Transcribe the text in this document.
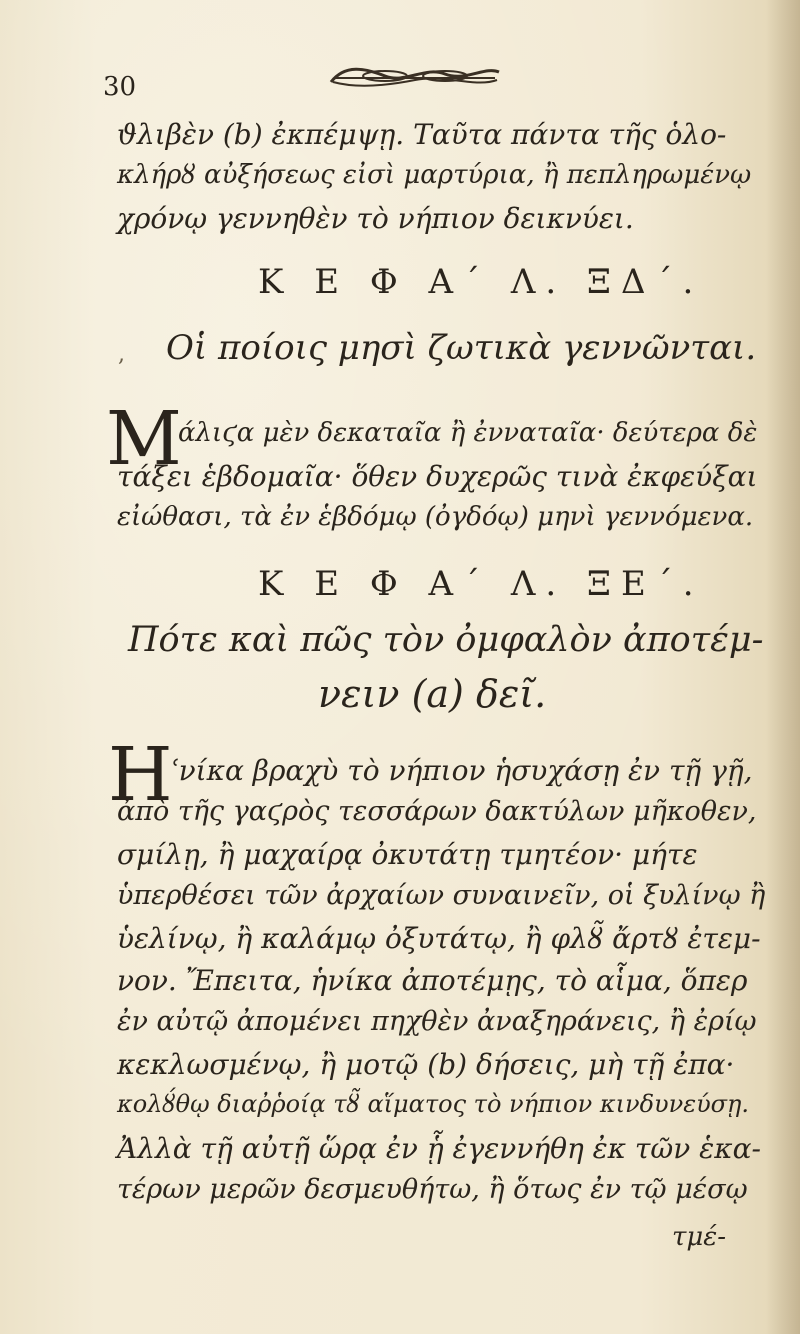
30
ϑλιβὲν (b) ἐκπέμψῃ. Ταῦτα πάντα τῆς ὁλο-
κλήρȣ αὐξήσεως εἰσὶ μαρτύρια, ἢ πεπληρωμένῳ
χρόνῳ γεννηθὲν τὸ νήπιον δεικνύει.
Κ Ε Φ Α΄ Λ. ΞΔ΄.
, Οἱ ποίοις μησὶ ζωτικὰ γεννῶνται.
Μ
άλιϛα μὲν δεκαταῖα ἢ ἐνναταῖα· δεύτερα δὲ
τάξει ἑβδομαῖα· ὅθεν δυχερῶς τινὰ ἐκφεύξαι
εἰώθασι, τὰ ἐν ἑβδόμῳ (ὀγδόῳ) μηνὶ γεννόμενα.
Κ Ε Φ Α΄ Λ. ΞΕ΄.
Πότε καὶ πῶς τὸν ὀμφαλὸν ἀποτέμ-
νειν (a) δεῖ.
Η
ʿνίκα βραχὺ τὸ νήπιον ἡσυχάσῃ ἐν τῇ γῇ,
ἀπὸ τῆς γαϛρὸς τεσσάρων δακτύλων μῆκοθεν,
σμίλῃ, ἢ μαχαίρᾳ ὀκυτάτῃ τμητέον· μήτε
ὑπερθέσει τῶν ἀρχαίων συναινεῖν, οἱ ξυλίνῳ ἢ
ὑελίνῳ, ἢ καλάμῳ ὀξυτάτῳ, ἢ φλȣ̃ ἄρτȣ ἐτεμ-
νον. Ἔπειτα, ἡνίκα ἀποτέμῃς, τὸ αἷμα, ὅπερ
ἐν αὐτῷ ἀπομένει πηχθὲν ἀναξηράνεις, ἢ ἐρίῳ
κεκλωσμένῳ, ἢ μοτῷ (b) δήσεις, μὴ τῇ ἐπα·
κολȣ́θῳ διαῤῥοίᾳ τȣ̃ αἵματος τὸ νήπιον κινδυνεύσῃ.
Ἀλλὰ τῇ αὐτῇ ὥρᾳ ἐν ᾗ ἐγεννήθη ἐκ τῶν ἑκα-
τέρων μερῶν δεσμευθήτω, ἢ ὅτως ἐν τῷ μέσῳ
τμέ-
